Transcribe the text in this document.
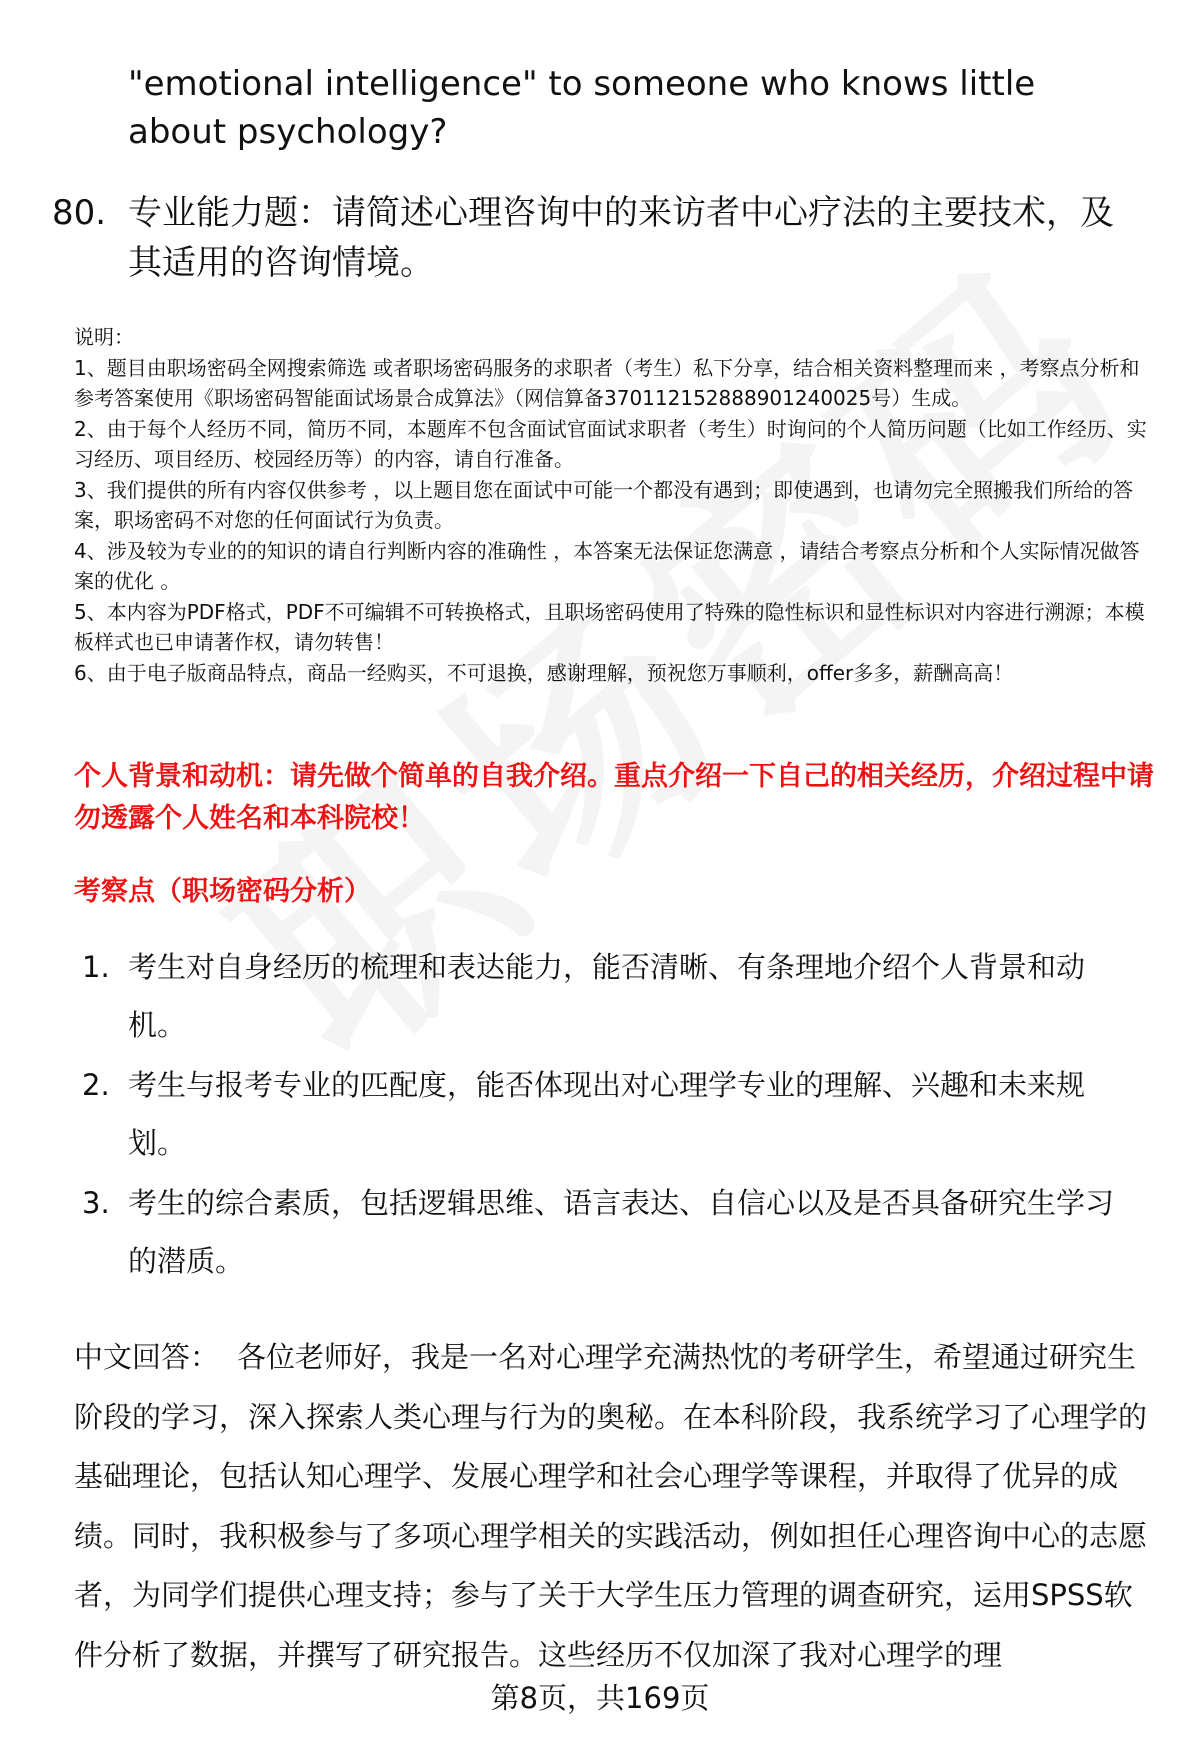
"emotional intelligence" to someone who knows little about psychology?
80. 专业能力题：请简述心理咨询中的来访者中心疗法的主要技术，及其适用的咨询情境。

说明：

1、题目由职场密码全网搜索筛选 或者职场密码服务的求职者（考生）私下分享，结合相关资料整理而来 ，考察点分析和参考答案使用《职场密码智能面试场景合成算法》（网信算备370112152888901240025号）生成。

2、由于每个人经历不同，简历不同，本题库不包含面试官面试求职者（考生）时询问的个人简历问题（比如工作经历、实习经历、项目经历、校园经历等）的内容，请自行准备。

3、我们提供的所有内容仅供参考 ，以上题目您在面试中可能一个都没有遇到；即使遇到，也请勿完全照搬我们所给的答案，职场密码不对您的任何面试行为负责。

4、涉及较为专业的的知识的请自行判断内容的准确性 ，本答案无法保证您满意 ，请结合考察点分析和个人实际情况做答案的优化 。

5、本内容为PDF格式，PDF不可编辑不可转换格式，且职场密码使用了特殊的隐性标识和显性标识对内容进行溯源；本模板样式也已申请著作权，请勿转售！

6、由于电子版商品特点，商品一经购买，不可退换，感谢理解，预祝您万事顺利，offer多多，薪酬高高！

个人背景和动机：请先做个简单的自我介绍。重点介绍一下自己的相关经历，介绍过程中请勿透露个人姓名和本科院校！
考察点（职场密码分析）
1. 考生对自身经历的梳理和表达能力，能否清晰、有条理地介绍个人背景和动机。
2. 考生与报考专业的匹配度，能否体现出对心理学专业的理解、兴趣和未来规划。
3. 考生的综合素质，包括逻辑思维、语言表达、自信心以及是否具备研究生学习的潜质。
中文回答： 各位老师好，我是一名对心理学充满热忱的考研学生，希望通过研究生阶段的学习，深入探索人类心理与行为的奥秘。在本科阶段，我系统学习了心理学的基础理论，包括认知心理学、发展心理学和社会心理学等课程，并取得了优异的成绩。同时，我积极参与了多项心理学相关的实践活动，例如担任心理咨询中心的志愿者，为同学们提供心理支持；参与了关于大学生压力管理的调查研究，运用SPSS软件分析了数据，并撰写了研究报告。这些经历不仅加深了我对心理学的理
第8页，共169页
